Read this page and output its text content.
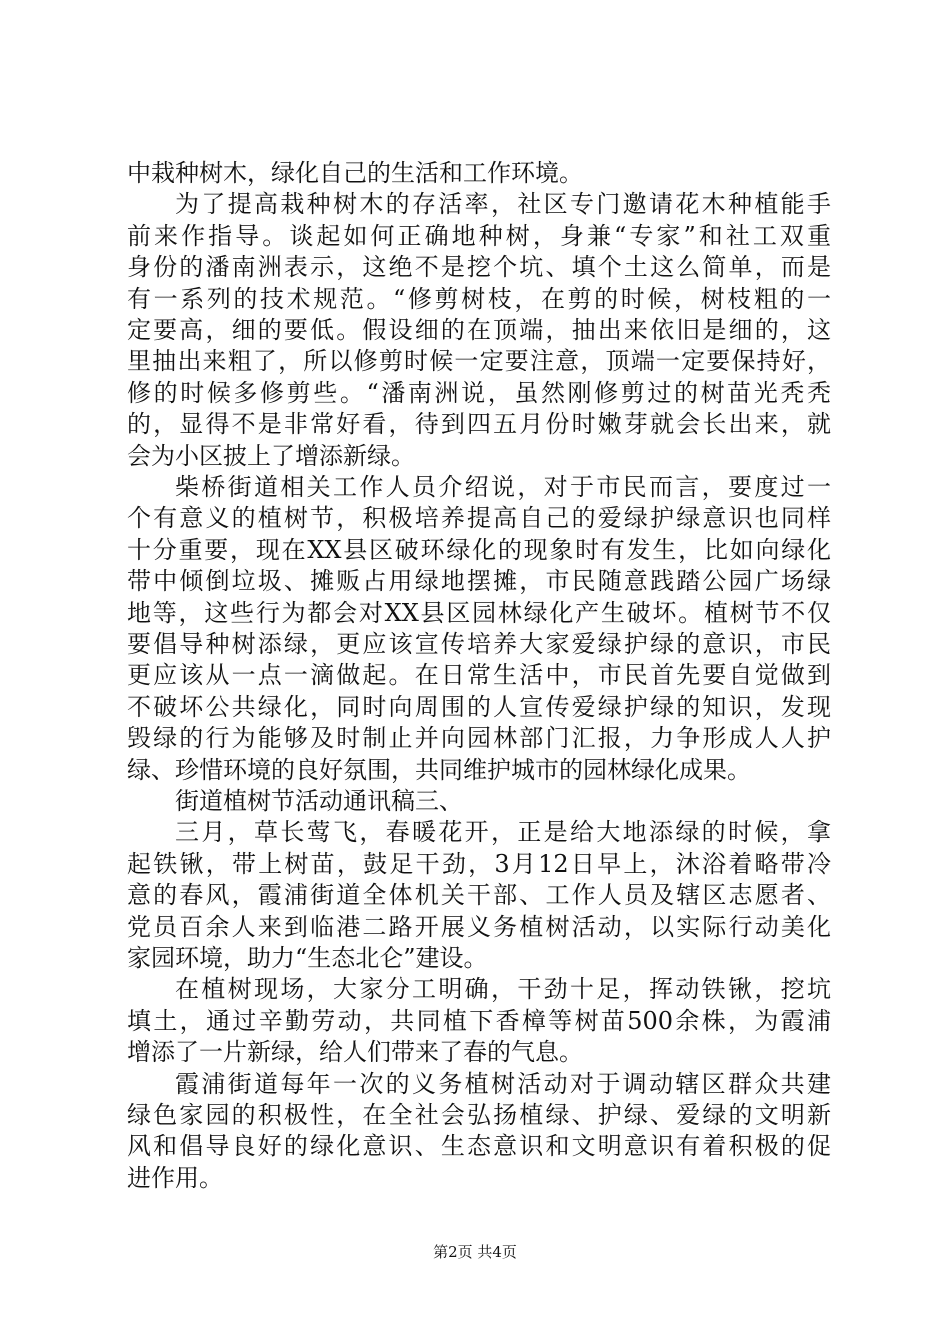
中栽种树木，绿化自己的生活和工作环境。
为了提高栽种树木的存活率，社区专门邀请花木种植能手
前来作指导。谈起如何正确地种树，身兼“专家”和社工双重
身份的潘南洲表示，这绝不是挖个坑、填个土这么简单，而是
有一系列的技术规范。“修剪树枝，在剪的时候，树枝粗的一
定要高，细的要低。假设细的在顶端，抽出来依旧是细的，这
里抽出来粗了，所以修剪时候一定要注意，顶端一定要保持好，
修的时候多修剪些。“潘南洲说，虽然刚修剪过的树苗光秃秃
的，显得不是非常好看，待到四五月份时嫩芽就会长出来，就
会为小区披上了增添新绿。
柴桥街道相关工作人员介绍说，对于市民而言，要度过一
个有意义的植树节，积极培养提高自己的爱绿护绿意识也同样
十分重要，现在XX县区破环绿化的现象时有发生，比如向绿化
带中倾倒垃圾、摊贩占用绿地摆摊，市民随意践踏公园广场绿
地等，这些行为都会对XX县区园林绿化产生破坏。植树节不仅
要倡导种树添绿，更应该宣传培养大家爱绿护绿的意识，市民
更应该从一点一滴做起。在日常生活中，市民首先要自觉做到
不破坏公共绿化，同时向周围的人宣传爱绿护绿的知识，发现
毁绿的行为能够及时制止并向园林部门汇报，力争形成人人护
绿、珍惜环境的良好氛围，共同维护城市的园林绿化成果。
街道植树节活动通讯稿三、
三月，草长莺飞，春暖花开，正是给大地添绿的时候，拿
起铁锹，带上树苗，鼓足干劲，3月12日早上，沐浴着略带冷
意的春风，霞浦街道全体机关干部、工作人员及辖区志愿者、
党员百余人来到临港二路开展义务植树活动，以实际行动美化
家园环境，助力“生态北仑”建设。
在植树现场，大家分工明确，干劲十足，挥动铁锹，挖坑
填土，通过辛勤劳动，共同植下香樟等树苗500余株，为霞浦
增添了一片新绿，给人们带来了春的气息。
霞浦街道每年一次的义务植树活动对于调动辖区群众共建
绿色家园的积极性，在全社会弘扬植绿、护绿、爱绿的文明新
风和倡导良好的绿化意识、生态意识和文明意识有着积极的促
进作用。
第2页 共4页
